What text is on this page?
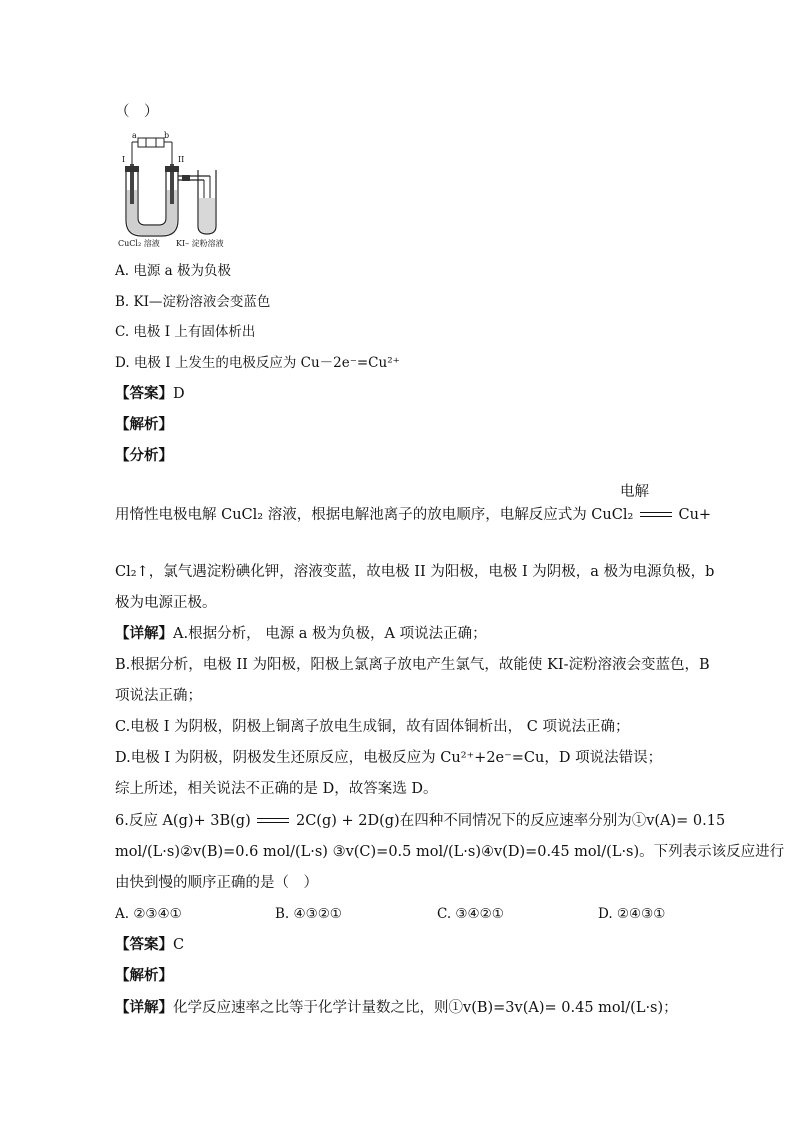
（　）
a	b
I	II
CuCl₂ 溶液 KI– 淀粉溶液
A. 电源 a 极为负极
B. KI—淀粉溶液会变蓝色
C. 电极 I 上有固体析出
D. 电极 I 上发生的电极反应为 Cu－2e⁻=Cu²⁺
【答案】D
【解析】
【分析】
电解
用惰性电极电解 CuCl₂ 溶液，根据电解池离子的放电顺序，电解反应式为 CuCl₂	Cu+
Cl₂↑，氯气遇淀粉碘化钾，溶液变蓝，故电极 II 为阳极，电极 I 为阴极，a 极为电源负极，b
极为电源正极。
【详解】A.根据分析， 电源 a 极为负极，A 项说法正确；
B.根据分析，电极 II 为阳极，阳极上氯离子放电产生氯气，故能使 KI-淀粉溶液会变蓝色，B
项说法正确；
C.电极 I 为阴极，阴极上铜离子放电生成铜，故有固体铜析出， C 项说法正确；
D.电极 I 为阴极，阴极发生还原反应，电极反应为 Cu²⁺+2e⁻=Cu，D 项说法错误；
综上所述，相关说法不正确的是 D，故答案选 D。
6.反应 A(g)+ 3B(g)	2C(g) + 2D(g)在四种不同情况下的反应速率分别为①v(A)= 0.15
mol/(L·s)②v(B)=0.6 mol/(L·s) ③v(C)=0.5 mol/(L·s)④v(D)=0.45 mol/(L·s)。下列表示该反应进行
由快到慢的顺序正确的是（　）
A. ②③④①	B. ④③②①	C. ③④②①	D. ②④③①
【答案】C
【解析】
【详解】化学反应速率之比等于化学计量数之比，则①v(B)=3v(A)= 0.45 mol/(L·s)；
